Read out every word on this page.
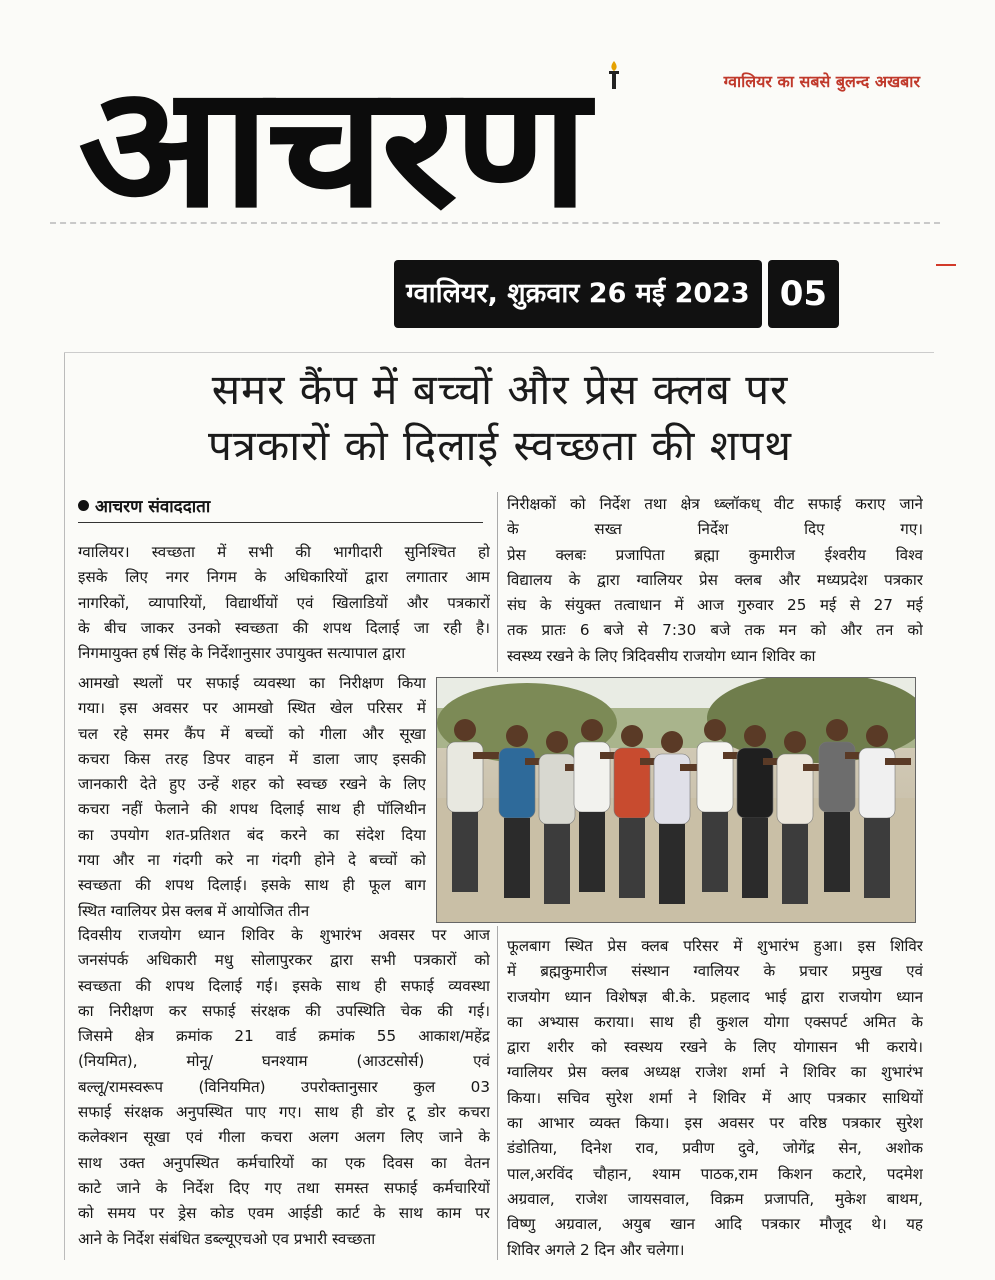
आचरण	ग्वालियर का सबसे बुलन्द अखबार
ग्वालियर, शुक्रवार 26 मई 2023 05
समर कैंप में बच्चों और प्रेस क्लब पर
पत्रकारों को दिलाई स्वच्छता की शपथ
आचरण संवाददाता
ग्वालियर। स्वच्छता में सभी की भागीदारी सुनिश्चित हो
इसके लिए नगर निगम के अधिकारियों द्वारा लगातार आम
नागरिकों, व्यापारियों, विद्यार्थीयों एवं खिलाडियों और पत्रकारों
के बीच जाकर उनको स्वच्छता की शपथ दिलाई जा रही है।
निगमायुक्त हर्ष सिंह के निर्देशानुसार उपायुक्त सत्यापाल द्वारा
आमखो स्थलों पर सफाई व्यवस्था का निरीक्षण किया
गया। इस अवसर पर आमखो स्थित खेल परिसर में
चल रहे समर कैंप में बच्चों को गीला और सूखा
कचरा किस तरह डिपर वाहन में डाला जाए इसकी
जानकारी देते हुए उन्हें शहर को स्वच्छ रखने के लिए
कचरा नहीं फेलाने की शपथ दिलाई साथ ही पॉलिथीन
का उपयोग शत-प्रतिशत बंद करने का संदेश दिया
गया और ना गंदगी करे ना गंदगी होने दे बच्चों को
स्वच्छता की शपथ दिलाई। इसके साथ ही फूल बाग
स्थित ग्वालियर प्रेस क्लब में आयोजित तीन
दिवसीय राजयोग ध्यान शिविर के शुभारंभ अवसर पर आज
जनसंपर्क अधिकारी मधु सोलापुरकर द्वारा सभी पत्रकारों को
स्वच्छता की शपथ दिलाई गई। इसके साथ ही सफाई व्यवस्था
का निरीक्षण कर सफाई संरक्षक की उपस्थिति चेक की गई।
जिसमे क्षेत्र क्रमांक 21 वार्ड क्रमांक 55 आकाश/महेंद्र
(नियमित), मोनू/ घनश्याम (आउटसोर्स) एवं
बल्लू/रामस्वरूप (विनियमित) उपरोक्तानुसार कुल 03
सफाई संरक्षक अनुपस्थित पाए गए। साथ ही डोर टू डोर कचरा
कलेक्शन सूखा एवं गीला कचरा अलग अलग लिए जाने के
साथ उक्त अनुपस्थित कर्मचारियों का एक दिवस का वेतन
काटे जाने के निर्देश दिए गए तथा समस्त सफाई कर्मचारियों
को समय पर ड्रेस कोड एवम आईडी कार्ट के साथ काम पर
आने के निर्देश संबंधित डब्ल्यूएचओ एव प्रभारी स्वच्छता
निरीक्षकों को निर्देश तथा क्षेत्र ध्ब्लॉकध् वीट सफाई कराए जाने
के सख्त निर्देश दिए गए।
प्रेस क्लबः प्रजापिता ब्रह्मा कुमारीज ईश्वरीय विश्व
विद्यालय के द्वारा ग्वालियर प्रेस क्लब और मध्यप्रदेश पत्रकार
संघ के संयुक्त तत्वाधान में आज गुरुवार 25 मई से 27 मई
तक प्रातः 6 बजे से 7:30 बजे तक मन को और तन को
स्वस्थ्य रखने के लिए त्रिदिवसीय राजयोग ध्यान शिविर का
फूलबाग स्थित प्रेस क्लब परिसर में शुभारंभ हुआ। इस शिविर
में ब्रह्मकुमारीज संस्थान ग्वालियर के प्रचार प्रमुख एवं
राजयोग ध्यान विशेषज्ञ बी.के. प्रहलाद भाई द्वारा राजयोग ध्यान
का अभ्यास कराया। साथ ही कुशल योगा एक्सपर्ट अमित के
द्वारा शरीर को स्वस्थय रखने के लिए योगासन भी कराये।
ग्वालियर प्रेस क्लब अध्यक्ष राजेश शर्मा ने शिविर का शुभारंभ
किया। सचिव सुरेश शर्मा ने शिविर में आए पत्रकार साथियों
का आभार व्यक्त किया। इस अवसर पर वरिष्ठ पत्रकार सुरेश
डंडोतिया, दिनेश राव, प्रवीण दुवे, जोगेंद्र सेन, अशोक
पाल,अरविंद चौहान, श्याम पाठक,राम किशन कटारे, पदमेश
अग्रवाल, राजेश जायसवाल, विक्रम प्रजापति, मुकेश बाथम,
विष्णु अग्रवाल, अयुब खान आदि पत्रकार मौजूद थे। यह
शिविर अगले 2 दिन और चलेगा।
